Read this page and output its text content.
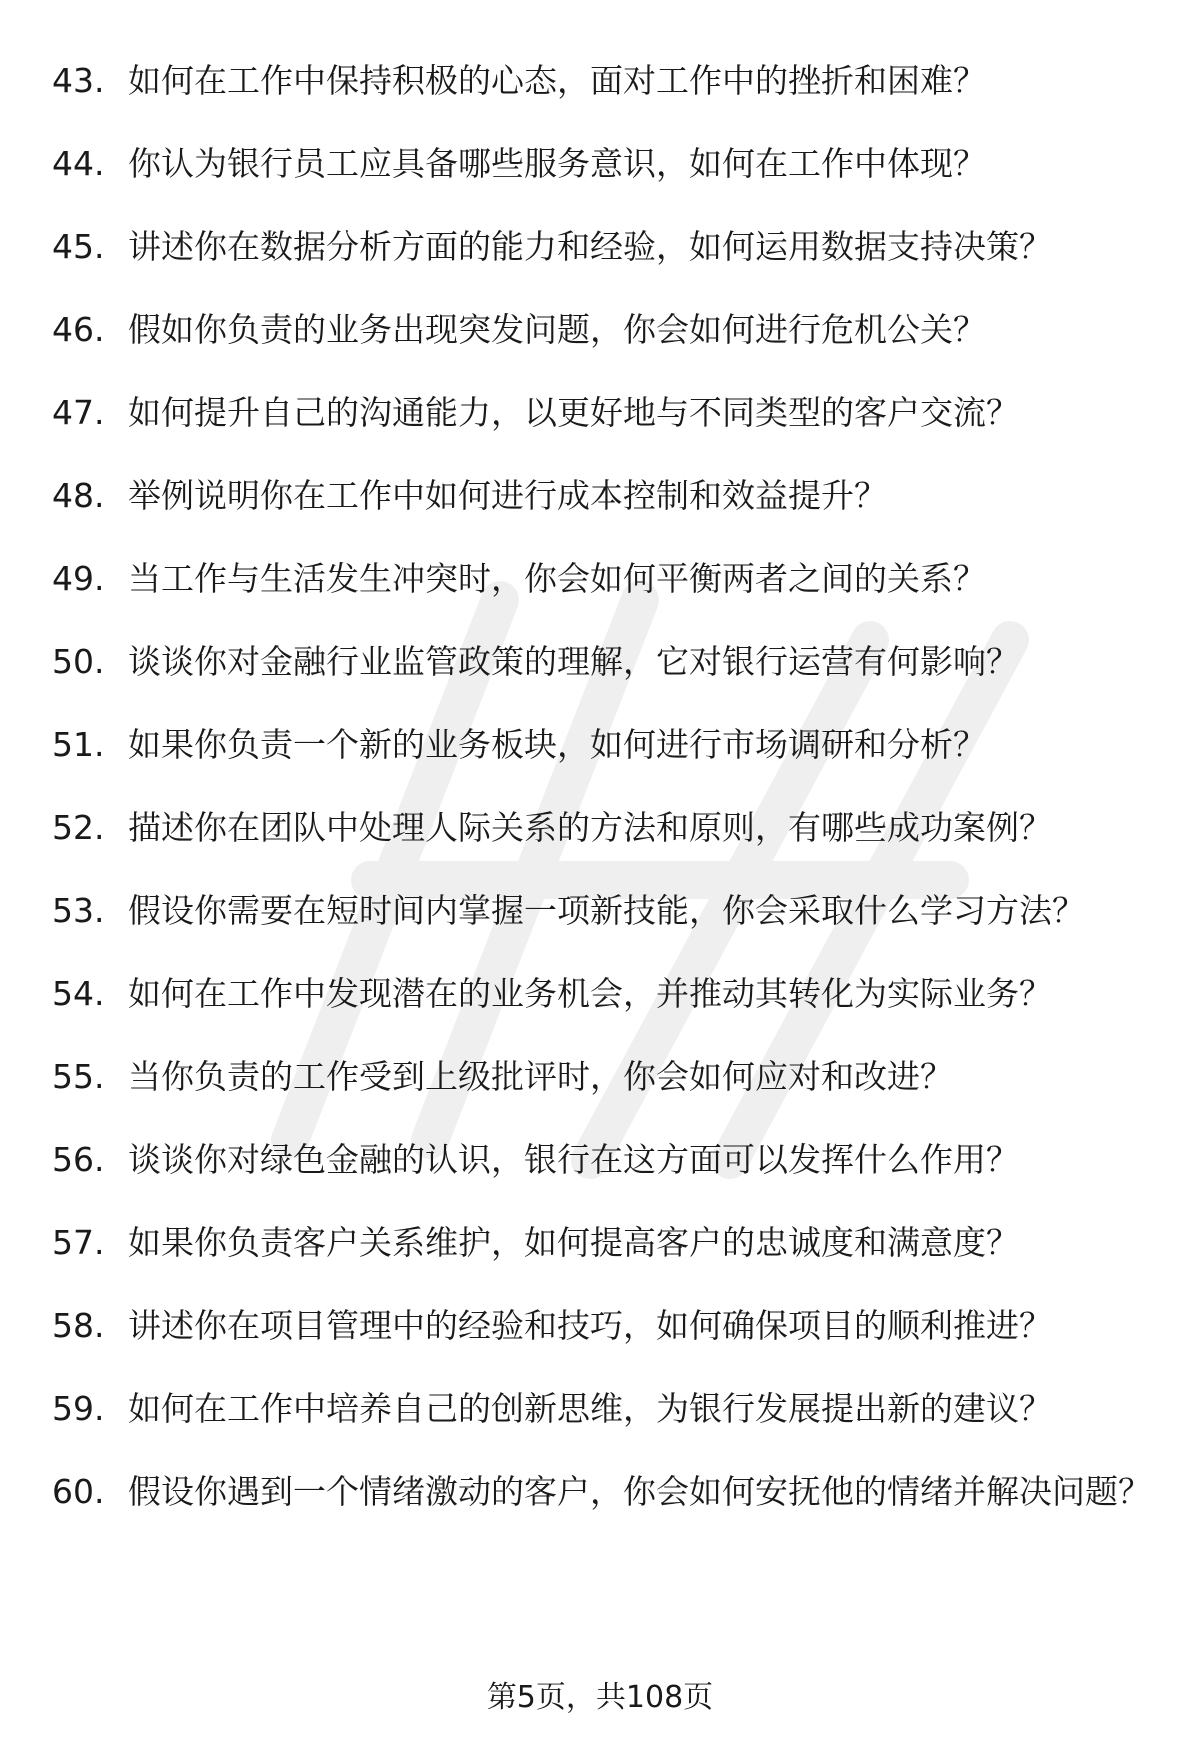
43. 如何在工作中保持积极的心态，面对工作中的挫折和困难？
44. 你认为银行员工应具备哪些服务意识，如何在工作中体现？
45. 讲述你在数据分析方面的能力和经验，如何运用数据支持决策？
46. 假如你负责的业务出现突发问题，你会如何进行危机公关？
47. 如何提升自己的沟通能力，以更好地与不同类型的客户交流？
48. 举例说明你在工作中如何进行成本控制和效益提升？
49. 当工作与生活发生冲突时，你会如何平衡两者之间的关系？
50. 谈谈你对金融行业监管政策的理解，它对银行运营有何影响？
51. 如果你负责一个新的业务板块，如何进行市场调研和分析？
52. 描述你在团队中处理人际关系的方法和原则，有哪些成功案例？
53. 假设你需要在短时间内掌握一项新技能，你会采取什么学习方法？
54. 如何在工作中发现潜在的业务机会，并推动其转化为实际业务？
55. 当你负责的工作受到上级批评时，你会如何应对和改进？
56. 谈谈你对绿色金融的认识，银行在这方面可以发挥什么作用？
57. 如果你负责客户关系维护，如何提高客户的忠诚度和满意度？
58. 讲述你在项目管理中的经验和技巧，如何确保项目的顺利推进？
59. 如何在工作中培养自己的创新思维，为银行发展提出新的建议？
60. 假设你遇到一个情绪激动的客户，你会如何安抚他的情绪并解决问题？
第5页，共108页
